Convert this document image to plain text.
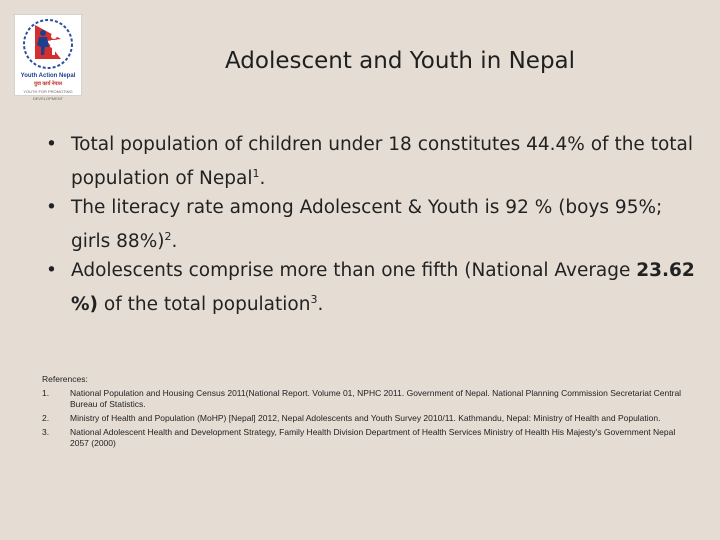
Youth Action Nepal
युवा कार्य नेपाल
YOUTH FOR PROMOTING DEVELOPMENT
Adolescent and Youth in Nepal
• Total population of children under 18 constitutes 44.4% of the total population of Nepal$^1$.
• The literacy rate among Adolescent & Youth is 92 % (boys 95%; girls 88%)$^2$.
• Adolescents comprise more than one fifth (National Average 23.62 %) of the total population$^3$.
References:
1.	National Population and Housing Census 2011(National Report. Volume 01, NPHC 2011. Government of Nepal. National Planning Commission Secretariat Central Bureau of Statistics.
2.	Ministry of Health and Population (MoHP) [Nepal] 2012, Nepal Adolescents and Youth Survey 2010/11. Kathmandu, Nepal: Ministry of Health and Population.
3.	National Adolescent Health and Development Strategy, Family Health Division Department of Health Services Ministry of Health His Majesty's Government Nepal 2057 (2000)
